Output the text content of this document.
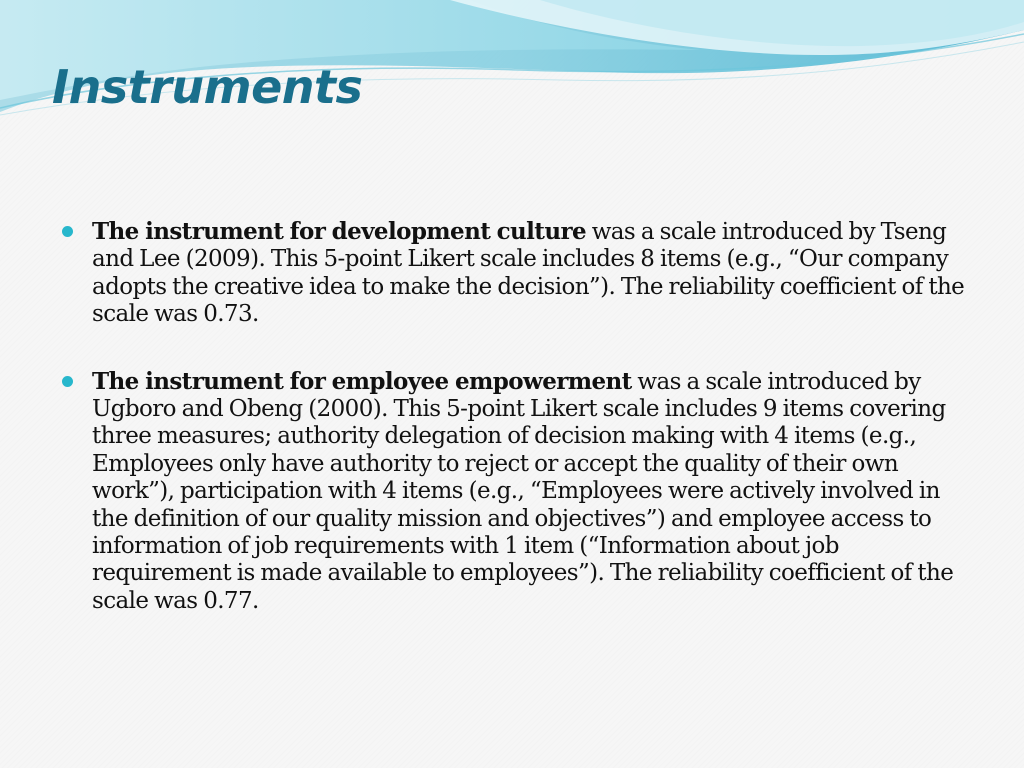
Instruments
The instrument for development culture was a scale introduced by Tseng and Lee (2009). This 5-point Likert scale includes 8 items (e.g., “Our company adopts the creative idea to make the decision”). The reliability coefficient of the scale was 0.73.
The instrument for employee empowerment was a scale introduced by Ugboro and Obeng (2000). This 5-point Likert scale includes 9 items covering three measures; authority delegation of decision making with 4 items (e.g., Employees only have authority to reject or accept the quality of their own work”), participation with 4 items (e.g., “Employees were actively involved in the definition of our quality mission and objectives”) and employee access to information of job requirements with 1 item (“Information about job requirement is made available to employees”). The reliability coefficient of the scale was 0.77.
